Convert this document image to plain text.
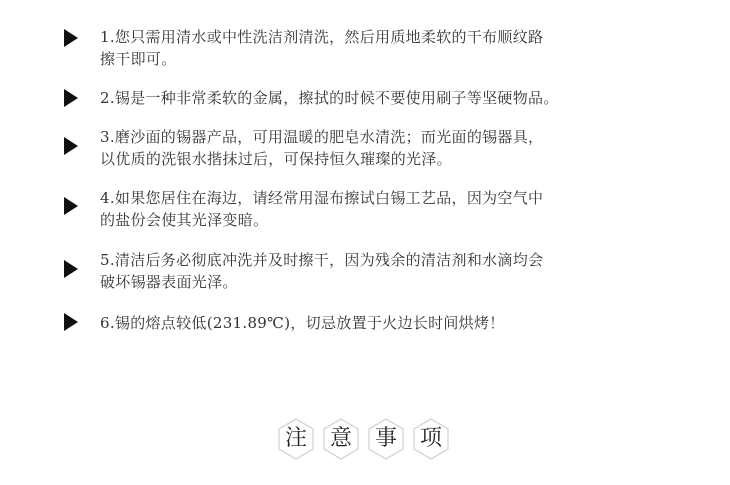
1.您只需用清水或中性洗洁剂清洗，然后用质地柔软的干布顺纹路
擦干即可。
2.锡是一种非常柔软的金属，擦拭的时候不要使用刷子等坚硬物品。
3.磨沙面的锡器产品，可用温暖的肥皂水清洗；而光面的锡器具，
以优质的洗银水揩抹过后，可保持恒久璀璨的光泽。
4.如果您居住在海边，请经常用湿布擦试白锡工艺品，因为空气中
的盐份会使其光泽变暗。
5.清洁后务必彻底冲洗并及时擦干，因为残余的清洁剂和水滴均会
破坏锡器表面光泽。
6.锡的熔点较低(231.89℃)，切忌放置于火边长时间烘烤！
注	意	事	项
